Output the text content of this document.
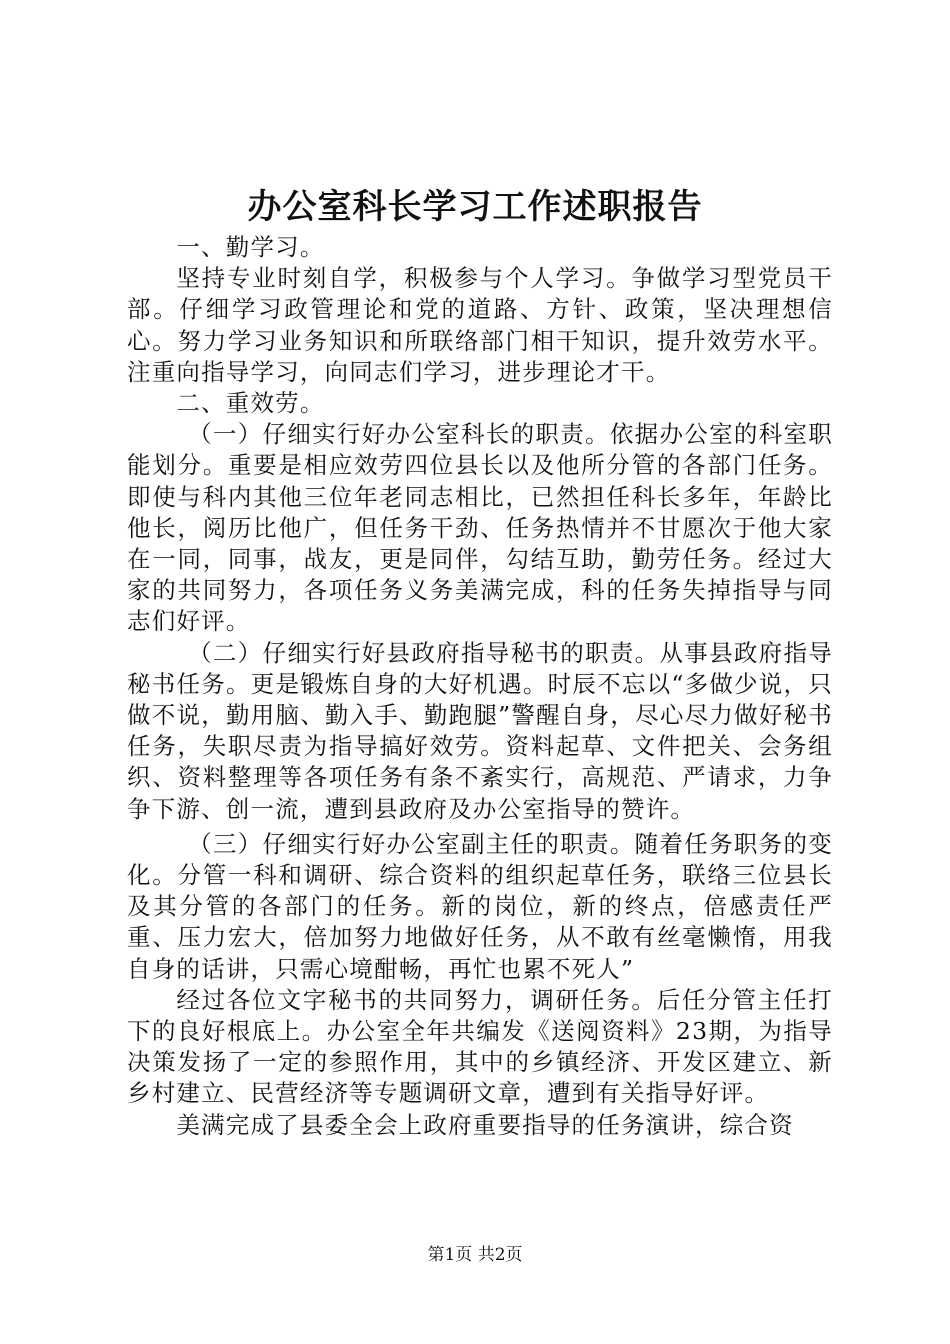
办公室科长学习工作述职报告

一、勤学习。

坚持专业时刻自学，积极参与个人学习。争做学习型党员干部。仔细学习政管理论和党的道路、方针、政策，坚决理想信心。努力学习业务知识和所联络部门相干知识，提升效劳水平。注重向指导学习，向同志们学习，进步理论才干。

二、重效劳。

（一）仔细实行好办公室科长的职责。依据办公室的科室职能划分。重要是相应效劳四位县长以及他所分管的各部门任务。即使与科内其他三位年老同志相比，已然担任科长多年，年龄比他长，阅历比他广，但任务干劲、任务热情并不甘愿次于他大家在一同，同事，战友，更是同伴，勾结互助，勤劳任务。经过大家的共同努力，各项任务义务美满完成，科的任务失掉指导与同志们好评。

（二）仔细实行好县政府指导秘书的职责。从事县政府指导秘书任务。更是锻炼自身的大好机遇。时辰不忘以“多做少说，只做不说，勤用脑、勤入手、勤跑腿”警醒自身，尽心尽力做好秘书任务，失职尽责为指导搞好效劳。资料起草、文件把关、会务组织、资料整理等各项任务有条不紊实行，高规范、严请求，力争争下游、创一流，遭到县政府及办公室指导的赞许。

（三）仔细实行好办公室副主任的职责。随着任务职务的变化。分管一科和调研、综合资料的组织起草任务，联络三位县长及其分管的各部门的任务。新的岗位，新的终点，倍感责任严重、压力宏大，倍加努力地做好任务，从不敢有丝毫懒惰，用我自身的话讲，只需心境酣畅，再忙也累不死人”

经过各位文字秘书的共同努力，调研任务。后任分管主任打下的良好根底上。办公室全年共编发《送阅资料》23期，为指导决策发扬了一定的参照作用，其中的乡镇经济、开发区建立、新乡村建立、民营经济等专题调研文章，遭到有关指导好评。

美满完成了县委全会上政府重要指导的任务演讲，综合资

第1页 共2页
